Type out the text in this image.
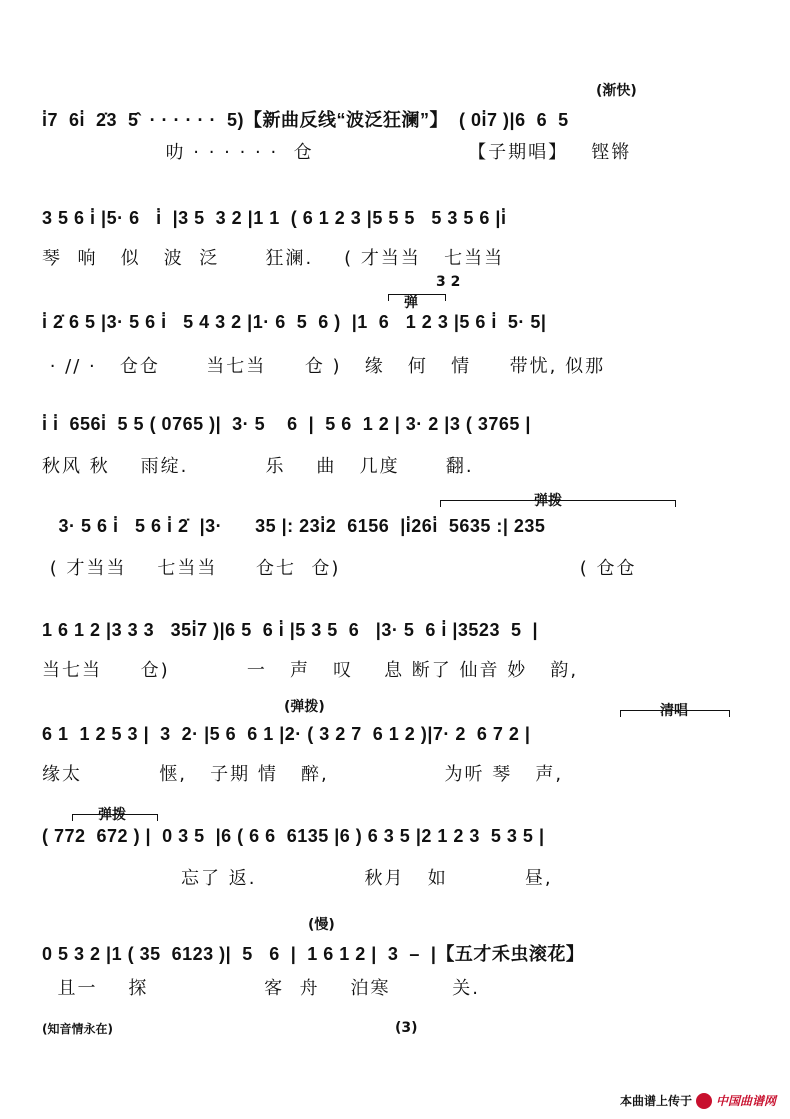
(渐快)
i̇7  6i̇  2̇3  5̂  · · · · · ·  5)【新曲反线“波泛狂澜”】  ( 0i̇7 )|6  6  5
叻 · · · · · ·  仓                    【子期唱】   铿锵
3 5 6 i̇ |5· 6   i̇  |3 5  3 2 |1 1  ( 6 1 2 3 |5 5 5   5 3 5 6 |i̇
琴  响   似   波  泛      狂澜.    ( 才当当   七当当
3 2
弹
i̇ 2̇ 6 5 |3· 5 6 i̇   5 4 3 2 |1· 6  5  6 )  |1  6   1 2 3 |5 6 i̇  5· 5|
· // ·   仓仓      当七当     仓 )   缘   何   情     带忧, 似那
i̇ i̇  656i̇  5 5 ( 0765 )|  3· 5    6  |  5 6  1 2 | 3· 2 |3 ( 3765 |
秋风 秋    雨绽.          乐    曲   几度      翻.
弹拨
3· 5 6 i̇   5 6 i̇ 2̇  |3·      35 |: 23i̇2  6156  |i̇26i̇  5635 :| 235
( 才当当    七当当     仓七  仓)                               ( 仓仓
1 6 1 2 |3 3 3   35i̇7 )|6 5  6 i̇ |5 3 5  6   |3· 5  6 i̇ |3523  5  |
当七当     仓)          一   声   叹    息 断了 仙音 妙   韵,
(弹拨)	清唱
6 1  1 2 5 3 |  3  2· |5 6  6 1 |2· ( 3 2 7  6 1 2 )|7· 2  6 7 2 |
缘太          惬,   子期 情   醉,               为听 琴   声,
弹拨
( 772  672 ) |  0 3 5  |6 ( 6 6  6135 |6 ) 6 3 5 |2 1 2 3  5 3 5 |
忘了 返.              秋月   如          昼,
(慢)
0 5 3 2 |1 ( 35  6123 )|  5   6  |  1 6 1 2 |  3  –  |【五才禾虫滚花】
且一    探               客  舟    泊寒        关.
(知音情永在)	(3)
本曲谱上传于 中国曲谱网
